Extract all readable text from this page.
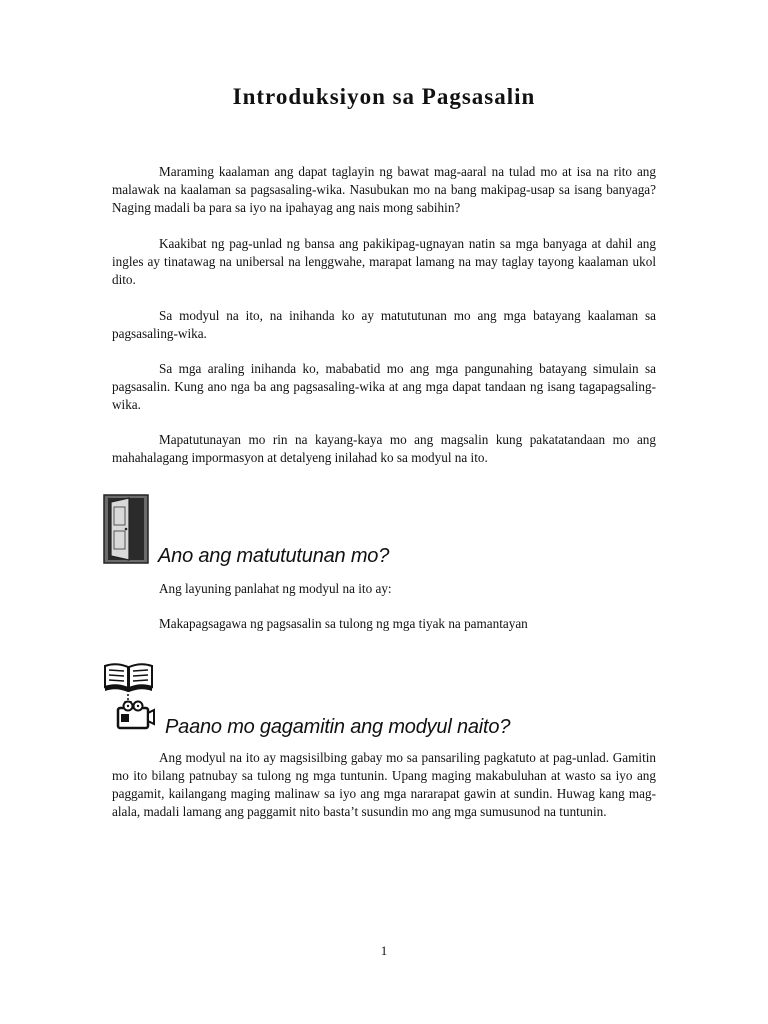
Introduksiyon sa Pagsasalin
Maraming kaalaman ang dapat taglayin ng bawat mag-aaral na tulad mo at isa na rito ang malawak na kaalaman sa pagsasaling-wika. Nasubukan mo na bang makipag-usap sa isang banyaga? Naging madali ba para sa iyo na ipahayag ang nais mong sabihin?
Kaakibat ng pag-unlad ng bansa ang pakikipag-ugnayan natin sa mga banyaga at dahil ang ingles ay tinatawag na unibersal na lenggwahe, marapat lamang na may taglay tayong kaalaman ukol dito.
Sa modyul na ito, na inihanda ko ay matututunan mo ang mga batayang kaalaman sa pagsasaling-wika.
Sa mga araling inihanda ko, mababatid mo ang mga pangunahing batayang simulain sa pagsasalin. Kung ano nga ba ang pagsasaling-wika at ang mga dapat tandaan ng isang tagapagsaling-wika.
Mapatutunayan mo rin na kayang-kaya mo ang magsalin kung pakatatandaan mo ang mahahalagang impormasyon at detalyeng inilahad ko sa modyul na ito.
Ano ang matututunan mo?
Ang layuning panlahat ng modyul na ito ay:
Makapagsagawa ng pagsasalin sa tulong ng mga tiyak na pamantayan
Paano mo gagamitin ang modyul naito?
Ang modyul na ito ay magsisilbing gabay mo sa pansariling pagkatuto at pag-unlad. Gamitin mo ito bilang patnubay sa tulong ng mga tuntunin. Upang maging makabuluhan at wasto sa iyo ang paggamit, kailangang maging malinaw sa iyo ang mga nararapat gawin at sundin. Huwag kang mag-alala, madali lamang ang paggamit nito basta’t susundin mo ang mga sumusunod na tuntunin.
1
